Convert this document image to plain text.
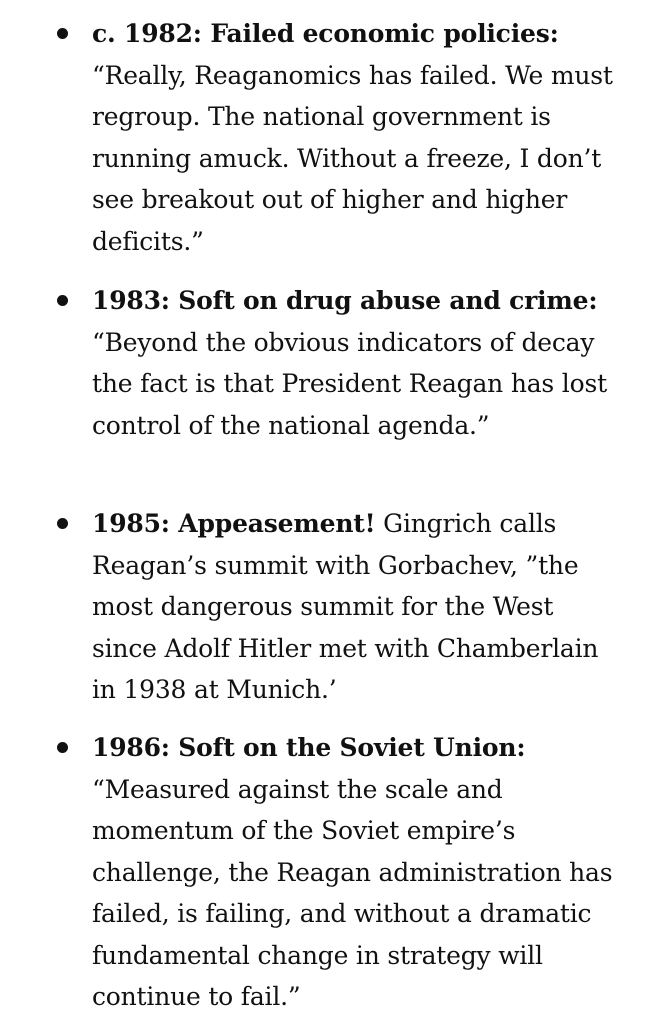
c. 1982: Failed economic policies: “Really, Reaganomics has failed. We must regroup. The national government is running amuck. Without a freeze, I don’t see breakout out of higher and higher deficits.”
1983: Soft on drug abuse and crime: “Beyond the obvious indicators of decay the fact is that President Reagan has lost control of the national agenda.”
1985: Appeasement! Gingrich calls Reagan’s summit with Gorbachev, ”the most dangerous summit for the West since Adolf Hitler met with Chamberlain in 1938 at Munich.’
1986: Soft on the Soviet Union: “Measured against the scale and momentum of the Soviet empire’s challenge, the Reagan administration has failed, is failing, and without a dramatic fundamental change in strategy will continue to fail.”
